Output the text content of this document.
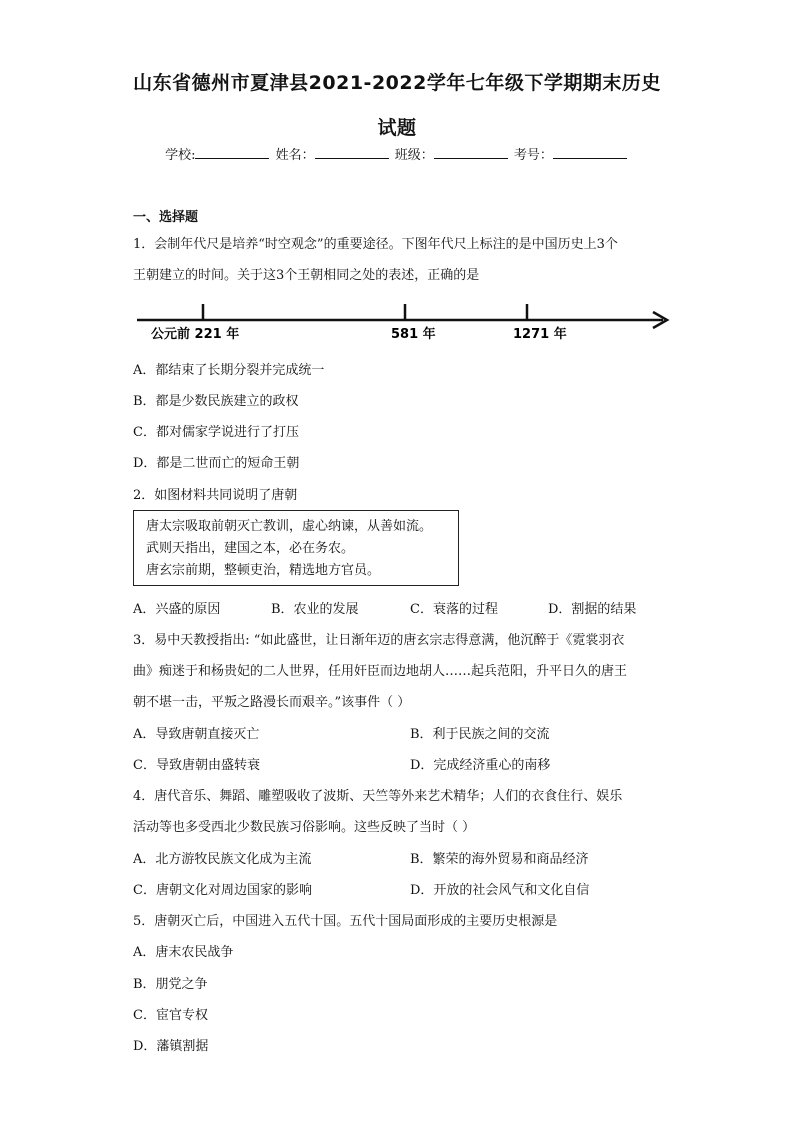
山东省德州市夏津县2021-2022学年七年级下学期期末历史
试题
学校:	姓名：	班级：	考号：
一、选择题
1．会制年代尺是培养“时空观念”的重要途径。下图年代尺上标注的是中国历史上3个
王朝建立的时间。关于这3个王朝相同之处的表述，正确的是
公元前 221 年	581 年	1271 年
A．都结束了长期分裂并完成统一
B．都是少数民族建立的政权
C．都对儒家学说进行了打压
D．都是二世而亡的短命王朝
2．如图材料共同说明了唐朝
唐太宗吸取前朝灭亡教训，虚心纳谏，从善如流。
武则天指出，建国之本，必在务农。
唐玄宗前期，整顿吏治，精选地方官员。
A．兴盛的原因	B．农业的发展	C．衰落的过程	D．割据的结果
3．易中天教授指出: “如此盛世，让日渐年迈的唐玄宗志得意满，他沉醉于《霓裳羽衣
曲》痴迷于和杨贵妃的二人世界，任用奸臣而边地胡人……起兵范阳，升平日久的唐王
朝不堪一击，平叛之路漫长而艰辛。”该事件（ ）
A．导致唐朝直接灭亡	B．利于民族之间的交流
C．导致唐朝由盛转衰	D．完成经济重心的南移
4．唐代音乐、舞蹈、雕塑吸收了波斯、天竺等外来艺术精华；人们的衣食住行、娱乐
活动等也多受西北少数民族习俗影响。这些反映了当时（ ）
A．北方游牧民族文化成为主流	B．繁荣的海外贸易和商品经济
C．唐朝文化对周边国家的影响	D．开放的社会风气和文化自信
5．唐朝灭亡后，中国进入五代十国。五代十国局面形成的主要历史根源是
A．唐末农民战争
B．朋党之争
C．宦官专权
D．藩镇割据
